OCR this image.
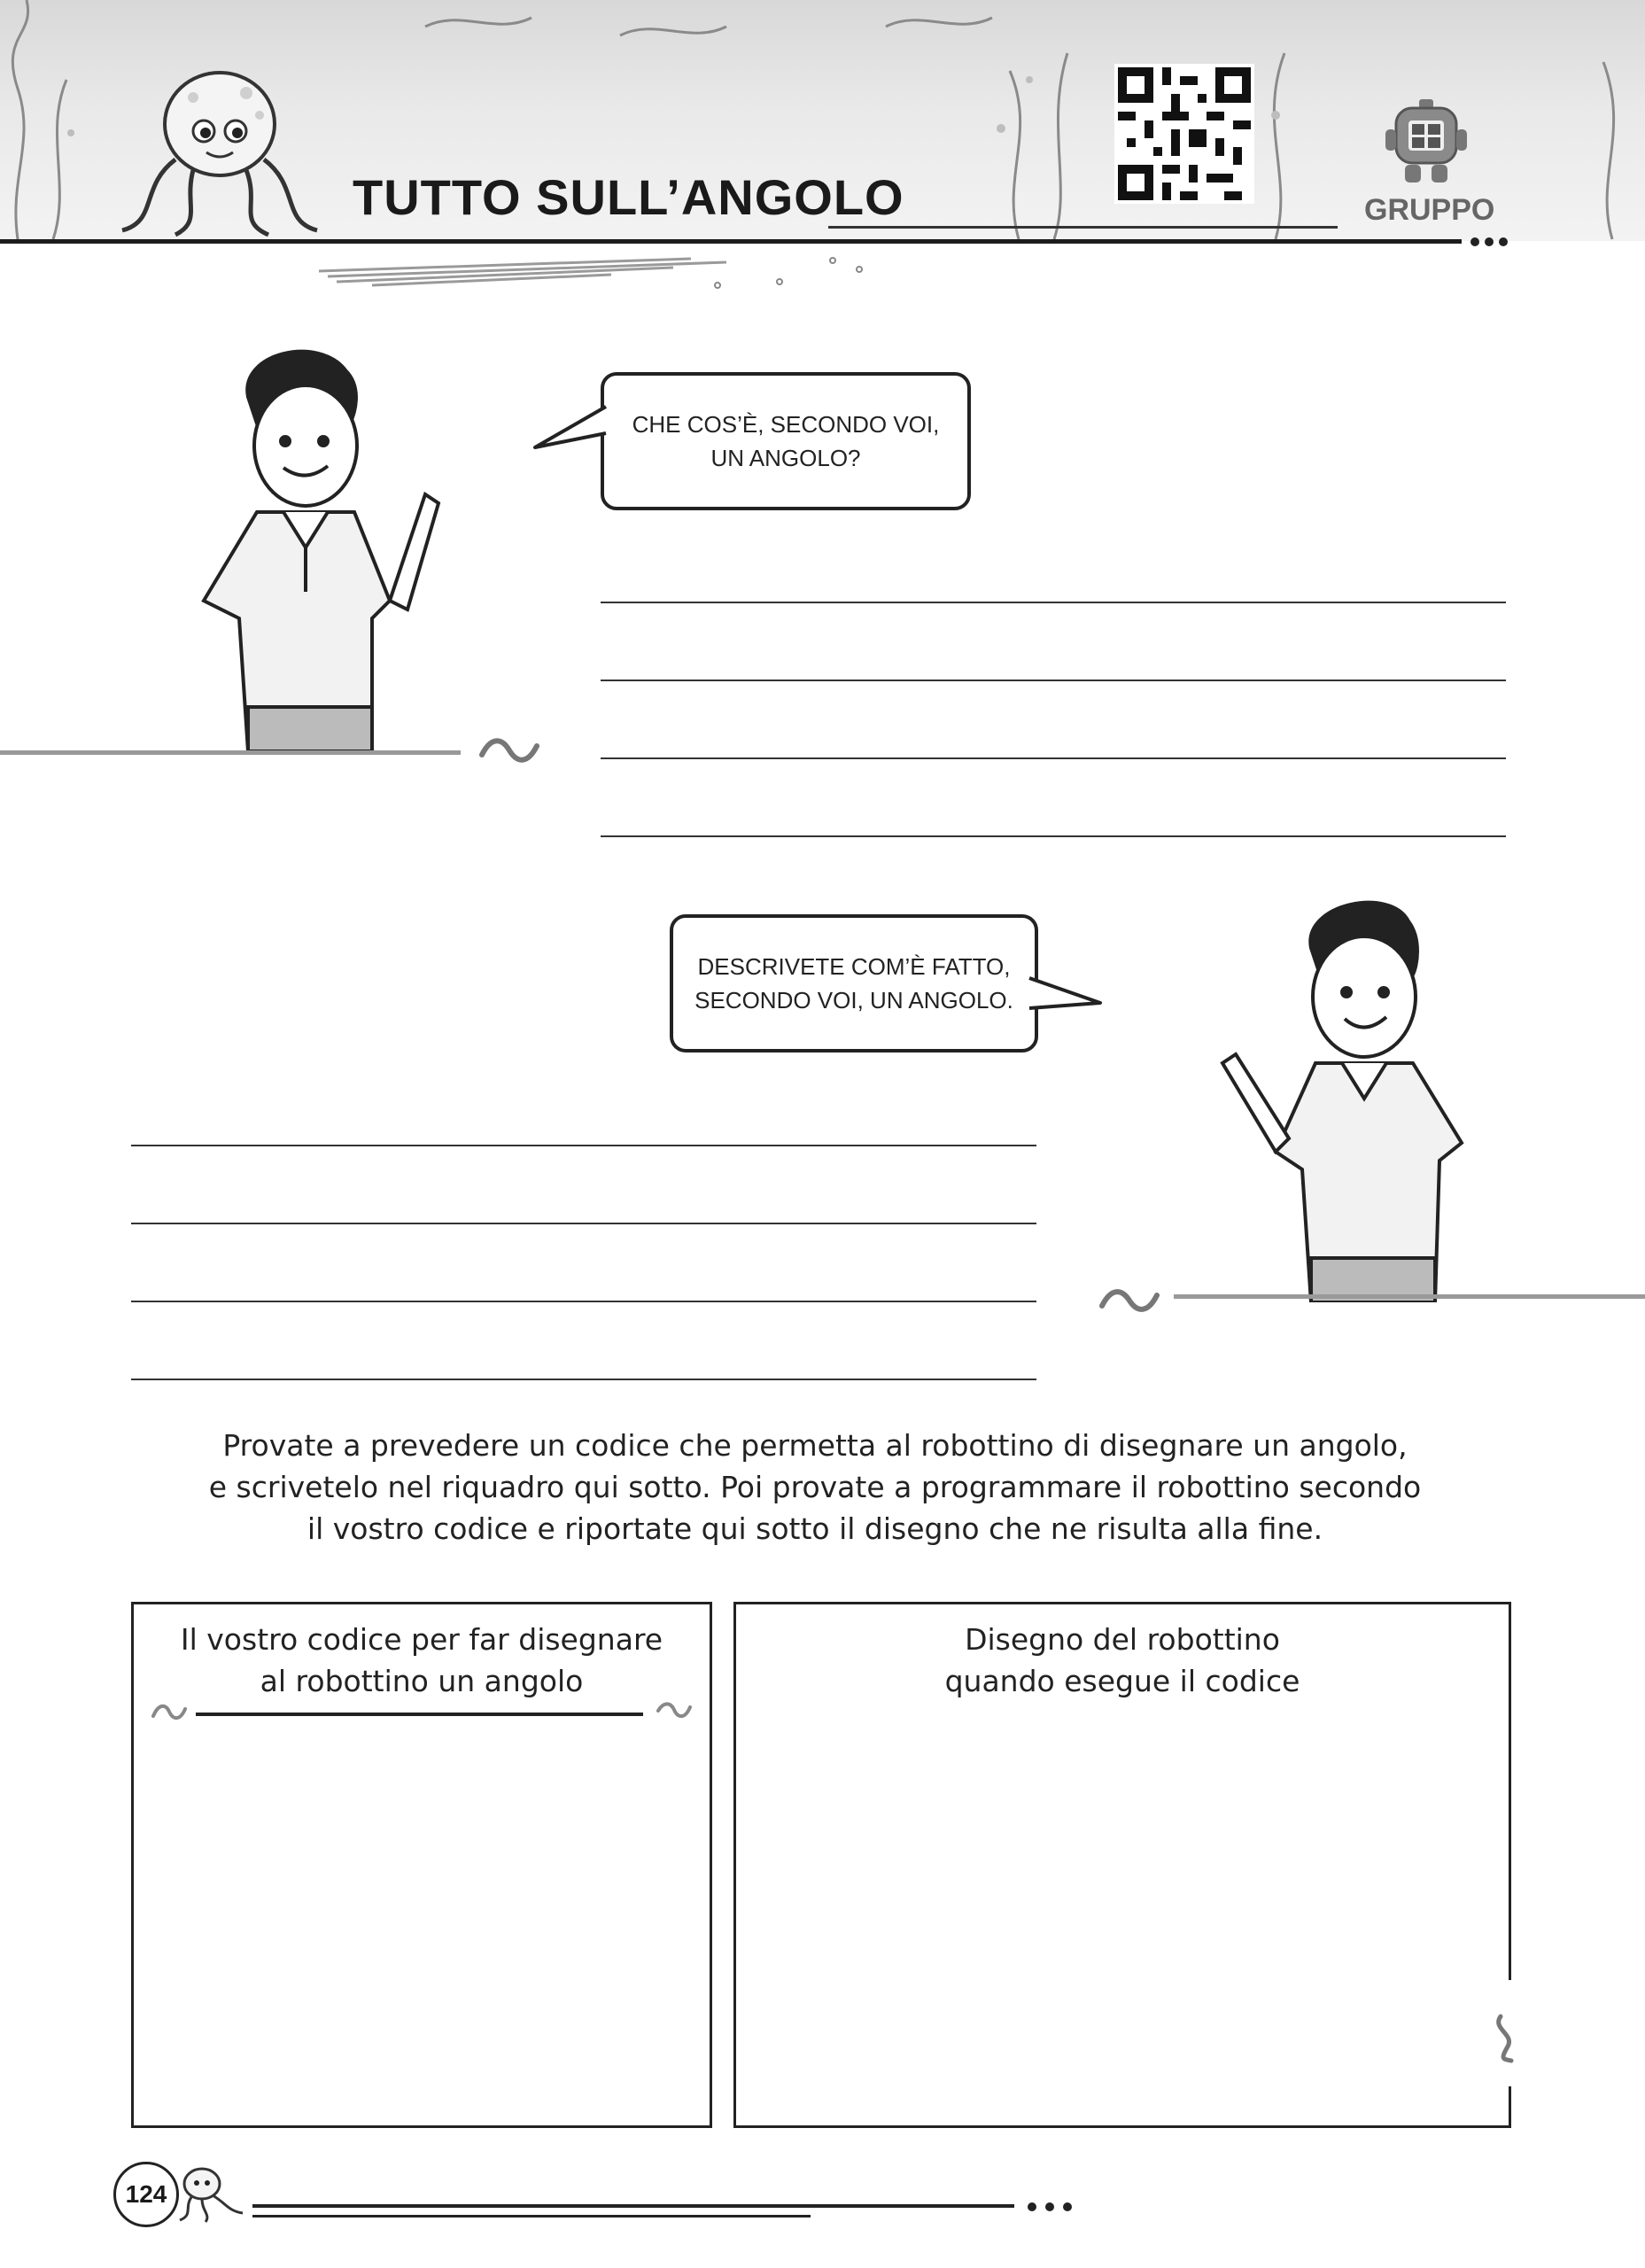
TUTTO SULL’ANGOLO	GRUPPO
CHE COS’È, SECONDO VOI,
UN ANGOLO?
DESCRIVETE COM’È FATTO,
SECONDO VOI, UN ANGOLO.
Provate a prevedere un codice che permetta al robottino di disegnare un angolo,
e scrivetelo nel riquadro qui sotto. Poi provate a programmare il robottino secondo
il vostro codice e riportate qui sotto il disegno che ne risulta alla fine.
Il vostro codice per far disegnare
al robottino un angolo
Disegno del robottino
quando esegue il codice
124
